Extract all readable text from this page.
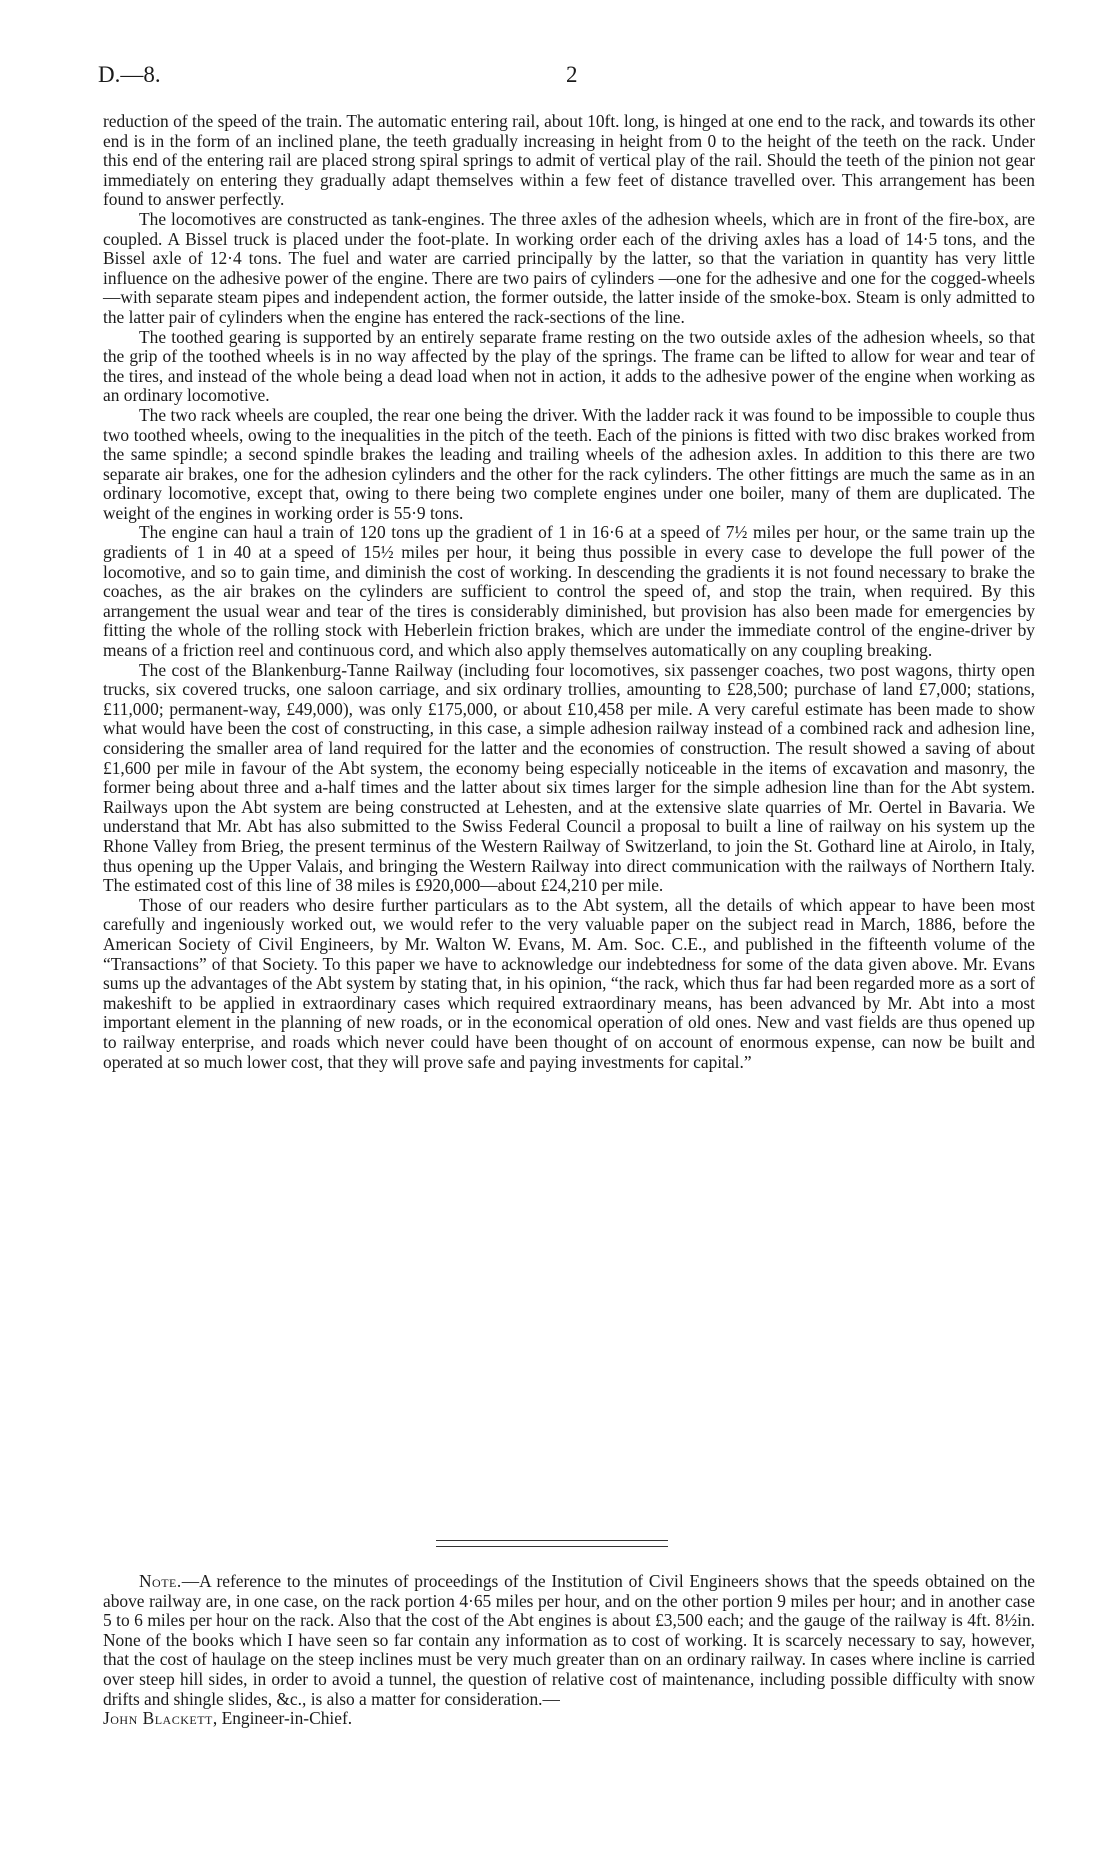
D.—8.	2

reduction of the speed of the train. The automatic entering rail, about 10ft. long, is hinged at one end to the rack, and towards its other end is in the form of an inclined plane, the teeth gradually increasing in height from 0 to the height of the teeth on the rack. Under this end of the entering rail are placed strong spiral springs to admit of vertical play of the rail. Should the teeth of the pinion not gear immediately on entering they gradually adapt themselves within a few feet of distance travelled over. This arrangement has been found to answer perfectly.

The locomotives are constructed as tank-engines. The three axles of the adhesion wheels, which are in front of the fire-box, are coupled. A Bissel truck is placed under the foot-plate. In working order each of the driving axles has a load of 14·5 tons, and the Bissel axle of 12·4 tons. The fuel and water are carried principally by the latter, so that the variation in quantity has very little influence on the adhesive power of the engine. There are two pairs of cylinders —one for the adhesive and one for the cogged-wheels—with separate steam pipes and independent action, the former outside, the latter inside of the smoke-box. Steam is only admitted to the latter pair of cylinders when the engine has entered the rack-sections of the line.

The toothed gearing is supported by an entirely separate frame resting on the two outside axles of the adhesion wheels, so that the grip of the toothed wheels is in no way affected by the play of the springs. The frame can be lifted to allow for wear and tear of the tires, and instead of the whole being a dead load when not in action, it adds to the adhesive power of the engine when working as an ordinary locomotive.

The two rack wheels are coupled, the rear one being the driver. With the ladder rack it was found to be impossible to couple thus two toothed wheels, owing to the inequalities in the pitch of the teeth. Each of the pinions is fitted with two disc brakes worked from the same spindle; a second spindle brakes the leading and trailing wheels of the adhesion axles. In addition to this there are two separate air brakes, one for the adhesion cylinders and the other for the rack cylinders. The other fittings are much the same as in an ordinary locomotive, except that, owing to there being two complete engines under one boiler, many of them are duplicated. The weight of the engines in working order is 55·9 tons.

The engine can haul a train of 120 tons up the gradient of 1 in 16·6 at a speed of 7½ miles per hour, or the same train up the gradients of 1 in 40 at a speed of 15½ miles per hour, it being thus possible in every case to develope the full power of the locomotive, and so to gain time, and diminish the cost of working. In descending the gradients it is not found necessary to brake the coaches, as the air brakes on the cylinders are sufficient to control the speed of, and stop the train, when required. By this arrangement the usual wear and tear of the tires is considerably diminished, but provision has also been made for emergencies by fitting the whole of the rolling stock with Heberlein friction brakes, which are under the immediate control of the engine-driver by means of a friction reel and continuous cord, and which also apply themselves automatically on any coupling breaking.

The cost of the Blankenburg-Tanne Railway (including four locomotives, six passenger coaches, two post wagons, thirty open trucks, six covered trucks, one saloon carriage, and six ordinary trollies, amounting to £28,500; purchase of land £7,000; stations, £11,000; permanent-way, £49,000), was only £175,000, or about £10,458 per mile. A very careful estimate has been made to show what would have been the cost of constructing, in this case, a simple adhesion railway instead of a combined rack and adhesion line, considering the smaller area of land required for the latter and the economies of construction. The result showed a saving of about £1,600 per mile in favour of the Abt system, the economy being especially noticeable in the items of excavation and masonry, the former being about three and a-half times and the latter about six times larger for the simple adhesion line than for the Abt system. Railways upon the Abt system are being constructed at Lehesten, and at the extensive slate quarries of Mr. Oertel in Bavaria. We understand that Mr. Abt has also submitted to the Swiss Federal Council a proposal to built a line of railway on his system up the Rhone Valley from Brieg, the present terminus of the Western Railway of Switzerland, to join the St. Gothard line at Airolo, in Italy, thus opening up the Upper Valais, and bringing the Western Railway into direct communication with the railways of Northern Italy. The estimated cost of this line of 38 miles is £920,000—about £24,210 per mile.

Those of our readers who desire further particulars as to the Abt system, all the details of which appear to have been most carefully and ingeniously worked out, we would refer to the very valuable paper on the subject read in March, 1886, before the American Society of Civil Engineers, by Mr. Walton W. Evans, M. Am. Soc. C.E., and published in the fifteenth volume of the “Transactions” of that Society. To this paper we have to acknowledge our indebtedness for some of the data given above. Mr. Evans sums up the advantages of the Abt system by stating that, in his opinion, “the rack, which thus far had been regarded more as a sort of makeshift to be applied in extraordinary cases which required extraordinary means, has been advanced by Mr. Abt into a most important element in the planning of new roads, or in the economical operation of old ones. New and vast fields are thus opened up to railway enterprise, and roads which never could have been thought of on account of enormous expense, can now be built and operated at so much lower cost, that they will prove safe and paying investments for capital.”

Note.—A reference to the minutes of proceedings of the Institution of Civil Engineers shows that the speeds obtained on the above railway are, in one case, on the rack portion 4·65 miles per hour, and on the other portion 9 miles per hour; and in another case 5 to 6 miles per hour on the rack. Also that the cost of the Abt engines is about £3,500 each; and the gauge of the railway is 4ft. 8½in. None of the books which I have seen so far contain any information as to cost of working. It is scarcely necessary to say, however, that the cost of haulage on the steep inclines must be very much greater than on an ordinary railway. In cases where incline is carried over steep hill sides, in order to avoid a tunnel, the question of relative cost of maintenance, including possible difficulty with snow drifts and shingle slides, &c., is also a matter for consideration.—
John Blackett, Engineer-in-Chief.
